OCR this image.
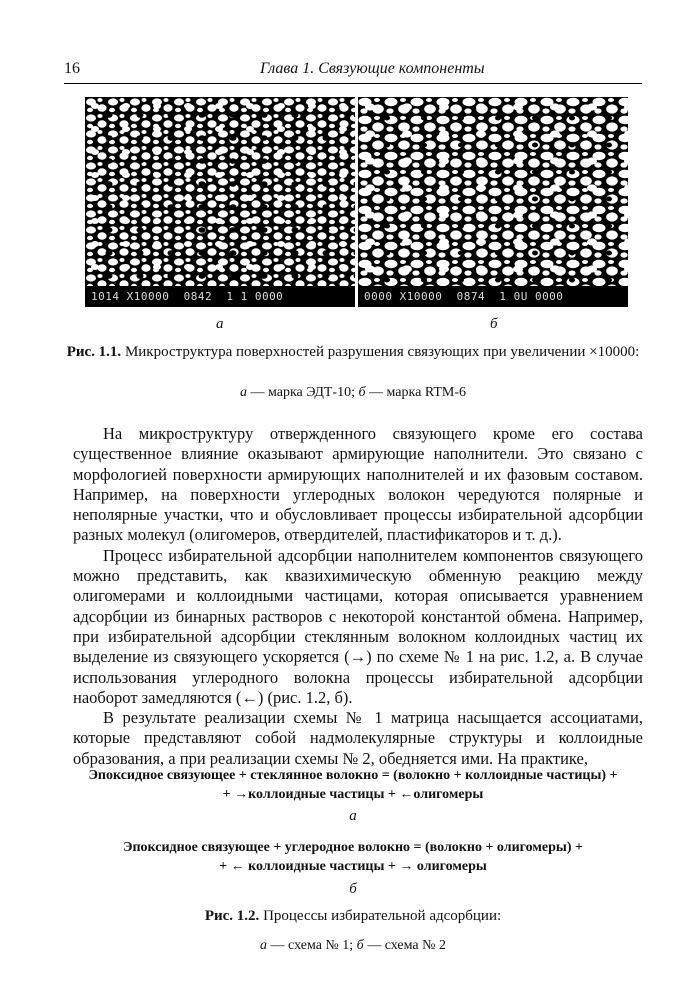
16	Глава 1. Связующие компоненты
1014 X10000  0842  1 1 0000	0000 X10000  0874  1 0U 0000
а	б
Рис. 1.1. Микроструктура поверхностей разрушения связующих при увеличении ×10000:
а — марка ЭДТ-10; б — марка RTM-6

На микроструктуру отвержденного связующего кроме его состава существенное влияние оказывают армирующие наполнители. Это связано с морфологией поверхности армирующих наполнителей и их фазовым составом. Например, на поверхности углеродных волокон чередуются полярные и неполярные участки, что и обусловливает процессы избирательной адсорбции разных молекул (олигомеров, отвердителей, пластификаторов и т. д.).

Процесс избирательной адсорбции наполнителем компонентов связующего можно представить, как квазихимическую обменную реакцию между олигомерами и коллоидными частицами, которая описывается уравнением адсорбции из бинарных растворов с некоторой константой обмена. Например, при избирательной адсорбции стеклянным волокном коллоидных частиц их выделение из связующего ускоряется (→) по схеме № 1 на рис. 1.2, а. В случае использования углеродного волокна процессы избирательной адсорбции наоборот замедляются (←) (рис. 1.2, б).

В результате реализации схемы № 1 матрица насыщается ассоциатами, которые представляют собой надмолекулярные структуры и коллоидные образования, а при реализации схемы № 2, обедняется ими. На практике,

Эпоксидное связующее + стеклянное волокно = (волокно + коллоидные частицы) +
+ →коллоидные частицы + ←олигомеры
а
Эпоксидное связующее + углеродное волокно = (волокно + олигомеры) +
+ ← коллоидные частицы + → олигомеры
б
Рис. 1.2. Процессы избирательной адсорбции:
а — схема № 1; б — схема № 2
